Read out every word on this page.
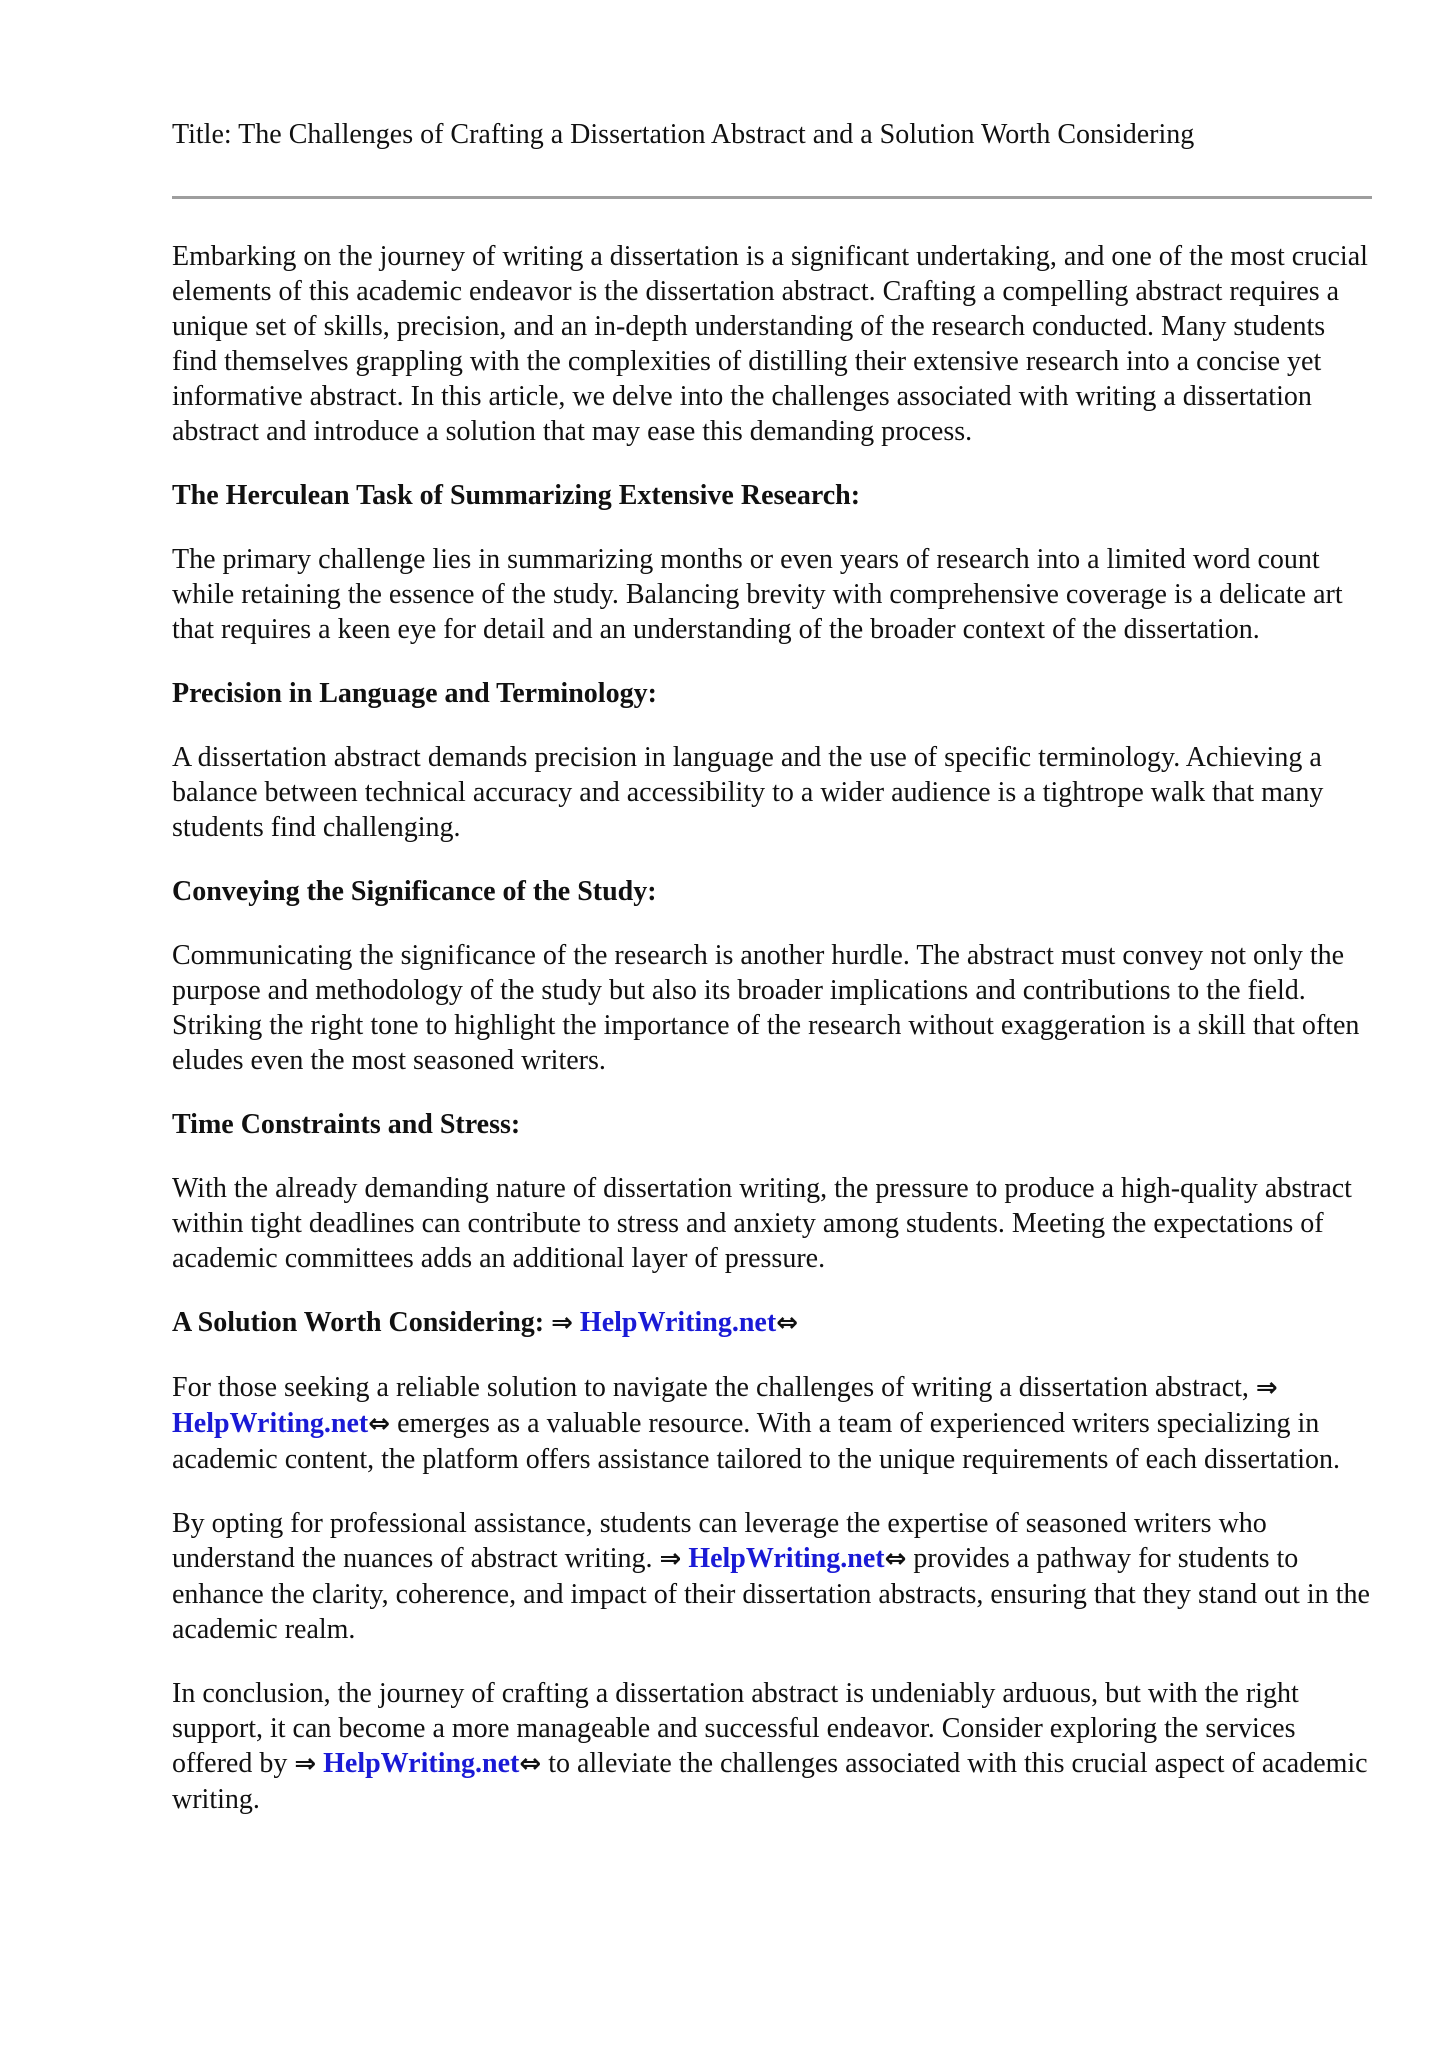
Title: The Challenges of Crafting a Dissertation Abstract and a Solution Worth Considering

Embarking on the journey of writing a dissertation is a significant undertaking, and one of the most crucial elements of this academic endeavor is the dissertation abstract. Crafting a compelling abstract requires a unique set of skills, precision, and an in-depth understanding of the research conducted. Many students find themselves grappling with the complexities of distilling their extensive research into a concise yet informative abstract. In this article, we delve into the challenges associated with writing a dissertation abstract and introduce a solution that may ease this demanding process.

The Herculean Task of Summarizing Extensive Research:

The primary challenge lies in summarizing months or even years of research into a limited word count while retaining the essence of the study. Balancing brevity with comprehensive coverage is a delicate art that requires a keen eye for detail and an understanding of the broader context of the dissertation.

Precision in Language and Terminology:

A dissertation abstract demands precision in language and the use of specific terminology. Achieving a balance between technical accuracy and accessibility to a wider audience is a tightrope walk that many students find challenging.

Conveying the Significance of the Study:

Communicating the significance of the research is another hurdle. The abstract must convey not only the purpose and methodology of the study but also its broader implications and contributions to the field. Striking the right tone to highlight the importance of the research without exaggeration is a skill that often eludes even the most seasoned writers.

Time Constraints and Stress:

With the already demanding nature of dissertation writing, the pressure to produce a high-quality abstract within tight deadlines can contribute to stress and anxiety among students. Meeting the expectations of academic committees adds an additional layer of pressure.

A Solution Worth Considering: ⇒ HelpWriting.net⇔

For those seeking a reliable solution to navigate the challenges of writing a dissertation abstract, ⇒ HelpWriting.net⇔ emerges as a valuable resource. With a team of experienced writers specializing in academic content, the platform offers assistance tailored to the unique requirements of each dissertation.

By opting for professional assistance, students can leverage the expertise of seasoned writers who understand the nuances of abstract writing. ⇒ HelpWriting.net⇔ provides a pathway for students to enhance the clarity, coherence, and impact of their dissertation abstracts, ensuring that they stand out in the academic realm.

In conclusion, the journey of crafting a dissertation abstract is undeniably arduous, but with the right support, it can become a more manageable and successful endeavor. Consider exploring the services offered by ⇒ HelpWriting.net⇔ to alleviate the challenges associated with this crucial aspect of academic writing.
